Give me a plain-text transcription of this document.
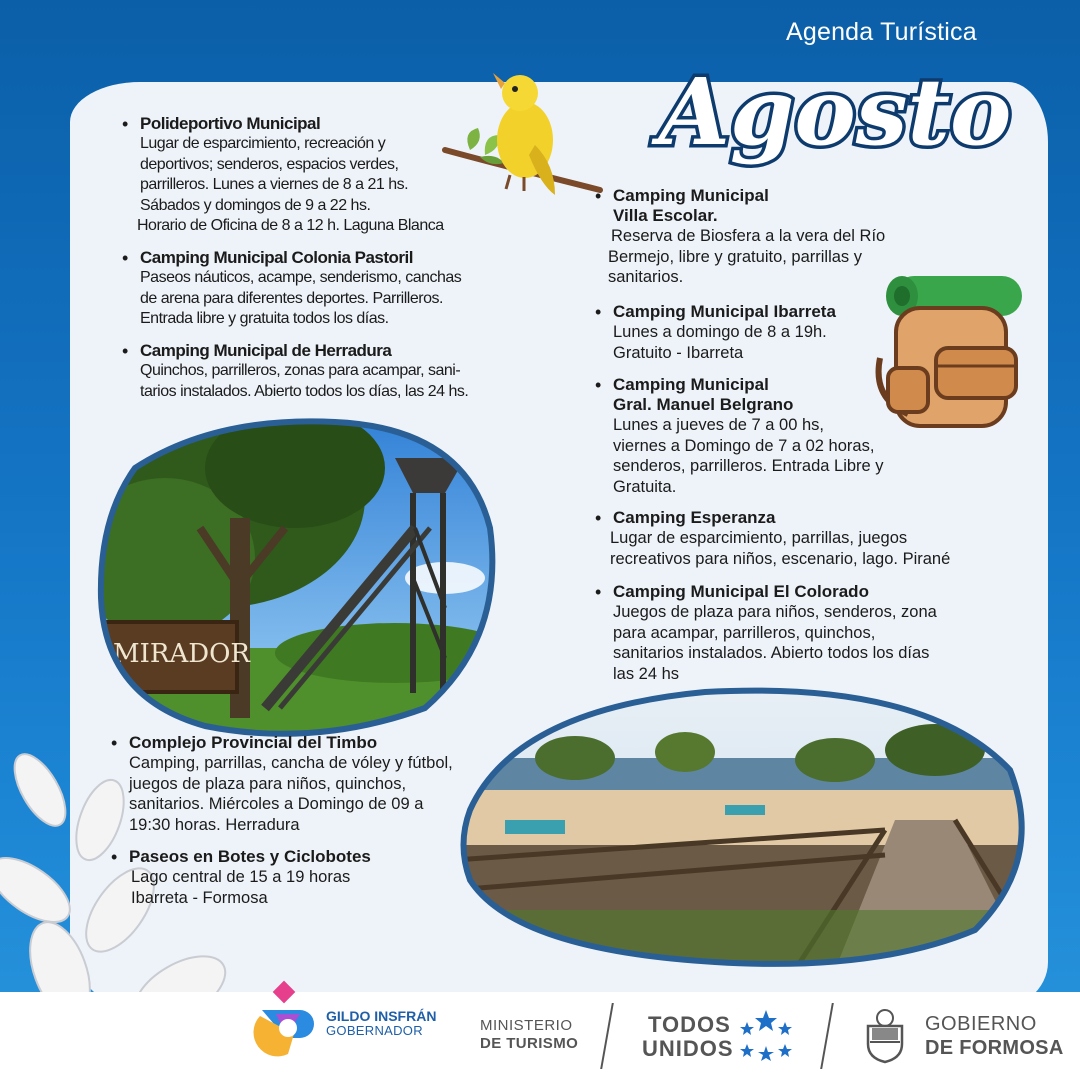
Agenda Turística
Agosto
• Polideportivo Municipal
Lugar de esparcimiento, recreación y
deportivos; senderos, espacios verdes,
parrilleros. Lunes a viernes de 8 a 21 hs.
Sábados y domingos de 9 a 22 hs.
Horario de Oficina de 8 a 12 h. Laguna Blanca
• Camping Municipal Colonia Pastoril
Paseos náuticos, acampe, senderismo, canchas
de arena para diferentes deportes. Parrilleros.
Entrada libre y gratuita todos los días.
• Camping Municipal de Herradura
Quinchos, parrilleros, zonas para acampar, sani-
tarios instalados. Abierto todos los días, las 24 hs.
• Camping Municipal
Villa Escolar.
Reserva de Biosfera a la vera del Río
Bermejo, libre y gratuito, parrillas y
sanitarios.
• Camping Municipal Ibarreta
Lunes a domingo de 8 a 19h.
Gratuito - Ibarreta
• Camping Municipal
Gral. Manuel Belgrano
Lunes a jueves de 7 a 00 hs,
viernes a Domingo de 7 a 02 horas,
senderos, parrilleros. Entrada Libre y
Gratuita.
• Camping Esperanza
Lugar de esparcimiento, parrillas, juegos
recreativos para niños, escenario, lago. Pirané
• Camping Municipal El Colorado
Juegos de plaza para niños, senderos, zona
para acampar, parrilleros, quinchos,
sanitarios instalados. Abierto todos los días
las 24 hs
MIRADOR
• Complejo Provincial del Timbo
Camping, parrillas, cancha de vóley y fútbol,
juegos de plaza para niños, quinchos,
sanitarios. Miércoles a Domingo de 09 a
19:30 horas. Herradura
• Paseos en Botes y Ciclobotes
Lago central de 15 a 19 horas
Ibarreta - Formosa
GILDO INSFRÁN
GOBERNADOR	MINISTERIO
DE TURISMO
TODOS
UNIDOS
GOBIERNO
DE FORMOSA
